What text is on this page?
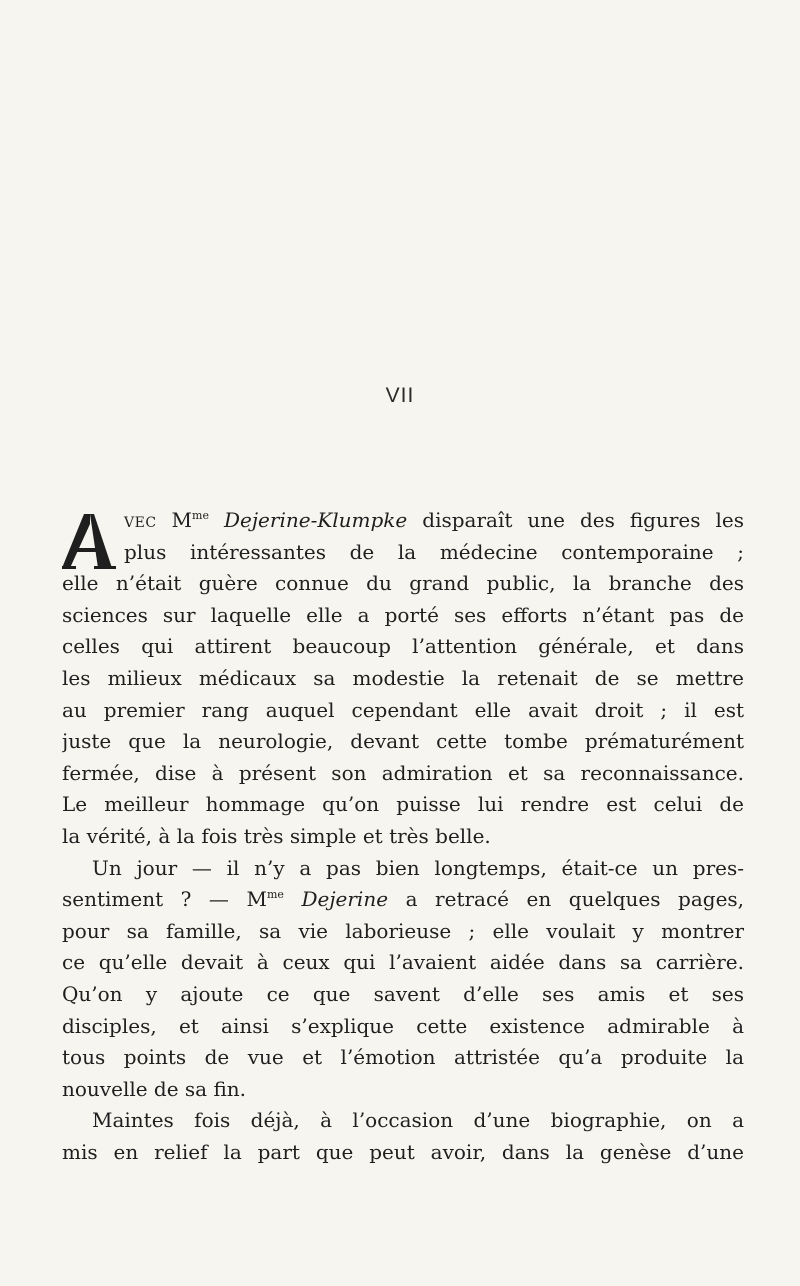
VII
A	vec $M^{me}$ Dejerine-Klumpke disparaît une des figures les
plus intéressantes de la médecine contemporaine ;
elle n’était guère connue du grand public, la branche des
sciences sur laquelle elle a porté ses efforts n’étant pas de
celles qui attirent beaucoup l’attention générale, et dans
les milieux médicaux sa modestie la retenait de se mettre
au premier rang auquel cependant elle avait droit ; il est
juste que la neurologie, devant cette tombe prématurément
fermée, dise à présent son admiration et sa reconnaissance.
Le meilleur hommage qu’on puisse lui rendre est celui de
la vérité, à la fois très simple et très belle.
Un jour — il n’y a pas bien longtemps, était-ce un pres-
sentiment ? — $M^{me}$ Dejerine a retracé en quelques pages,
pour sa famille, sa vie laborieuse ; elle voulait y montrer
ce qu’elle devait à ceux qui l’avaient aidée dans sa carrière.
Qu’on y ajoute ce que savent d’elle ses amis et ses
disciples, et ainsi s’explique cette existence admirable à
tous points de vue et l’émotion attristée qu’a produite la
nouvelle de sa fin.
Maintes fois déjà, à l’occasion d’une biographie, on a
mis en relief la part que peut avoir, dans la genèse d’une
